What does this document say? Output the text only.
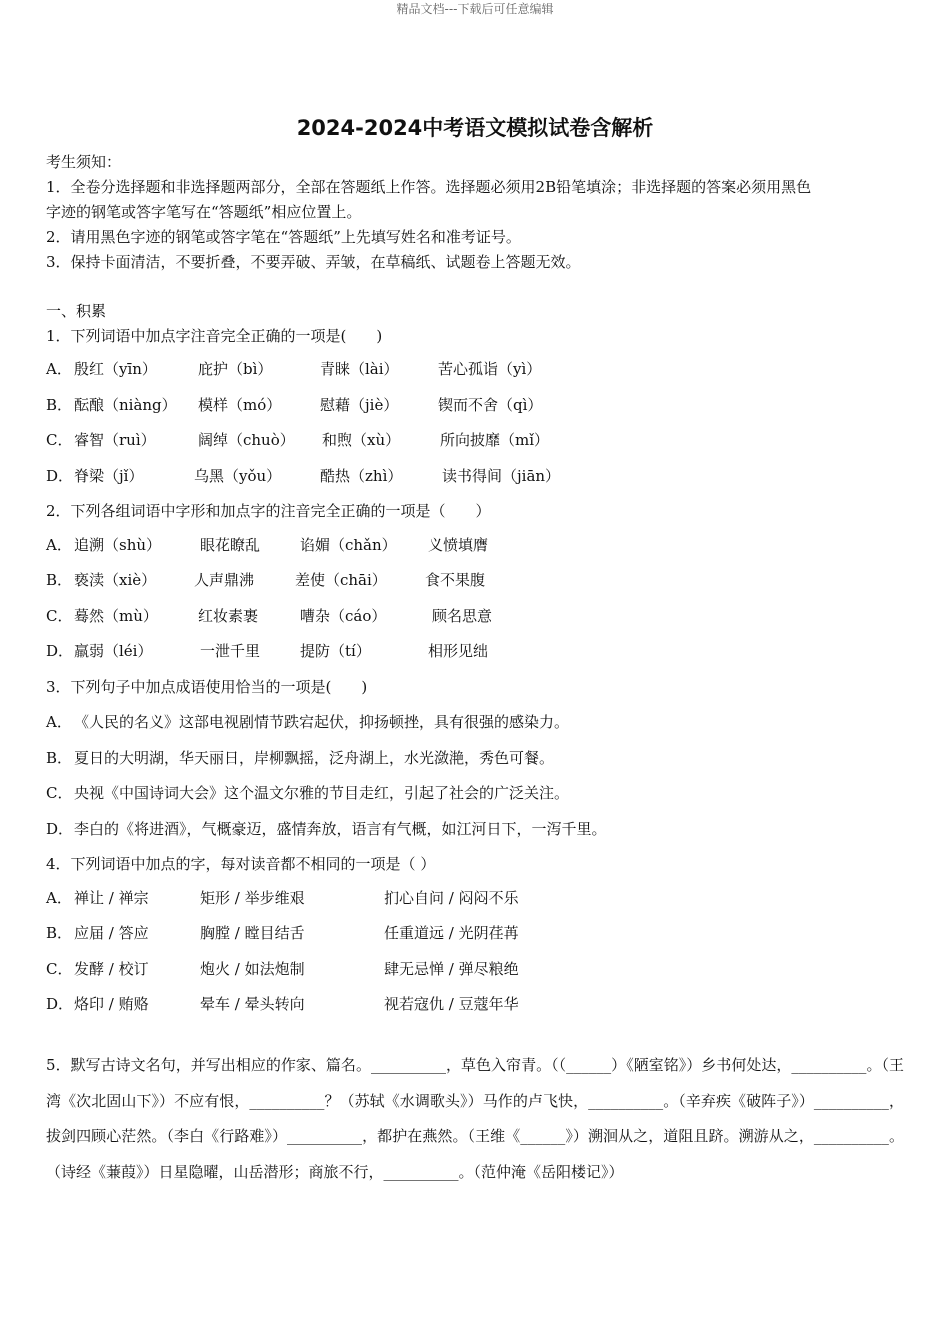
精品文档---下载后可任意编辑
2024-2024中考语文模拟试卷含解析
考生须知：
1．全卷分选择题和非选择题两部分，全部在答题纸上作答。选择题必须用2B铅笔填涂；非选择题的答案必须用黑色
字迹的钢笔或答字笔写在“答题纸”相应位置上。
2．请用黑色字迹的钢笔或答字笔在“答题纸”上先填写姓名和准考证号。
3．保持卡面清洁，不要折叠，不要弄破、弄皱，在草稿纸、试题卷上答题无效。
一、积累
1．下列词语中加点字注音完全正确的一项是(　　)
A． 殷红（yīn）	庇护（bì）	青睐（lài）	苦心孤诣（yì）
B． 酝酿（niàng） 模样（mó）	慰藉（jiè）	锲而不舍（qì）
C． 睿智（ruì）	阔绰（chuò） 和煦（xù）	所向披靡（mǐ）
D． 脊梁（jǐ）	乌黑（yǒu）	酷热（zhì）	读书得间（jiān）
2．下列各组词语中字形和加点字的注音完全正确的一项是（　　）
A． 追溯（shù）	眼花瞭乱	谄媚（chǎn） 义愤填膺
B． 亵渎（xiè）	人声鼎沸	差使（chāi）	食不果腹
C． 蓦然（mù）	红妆素裹	嘈杂（cáo）	顾名思意
D． 羸弱（léi）	一泄千里	提防（tí）	相形见绌
3．下列句子中加点成语使用恰当的一项是(　　)
A． 《人民的名义》这部电视剧情节跌宕起伏，抑扬顿挫，具有很强的感染力。
B． 夏日的大明湖，华天丽日，岸柳飘摇，泛舟湖上，水光潋滟，秀色可餐。
C． 央视《中国诗词大会》这个温文尔雅的节目走红，引起了社会的广泛关注。
D． 李白的《将进酒》，气概豪迈，盛情奔放，语言有气概，如江河日下，一泻千里。
4．下列词语中加点的字，每对读音都不相同的一项是（ ）
A． 禅让 / 禅宗	矩形 / 举步维艰	扪心自问 / 闷闷不乐
B． 应届 / 答应	胸膛 / 瞠目结舌	任重道远 / 光阴荏苒
C． 发酵 / 校订	炮火 / 如法炮制	肆无忌惮 / 弹尽粮绝
D． 烙印 / 贿赂	晕车 / 晕头转向	视若寇仇 / 豆蔻年华
5．默写古诗文名句，并写出相应的作家、篇名。__________，草色入帘青。（（______）《陋室铭》）乡书何处达，__________。（王湾《次北固山下》）不应有恨，__________？（苏轼《水调歌头》）马作的卢飞快，__________。（辛弃疾《破阵子》）__________，拔剑四顾心茫然。（李白《行路难》）__________，都护在燕然。（王维《______》）溯洄从之，道阻且跻。溯游从之，__________。（诗经《蒹葭》）日星隐曜，山岳潜形；商旅不行，__________。（范仲淹《岳阳楼记》）
